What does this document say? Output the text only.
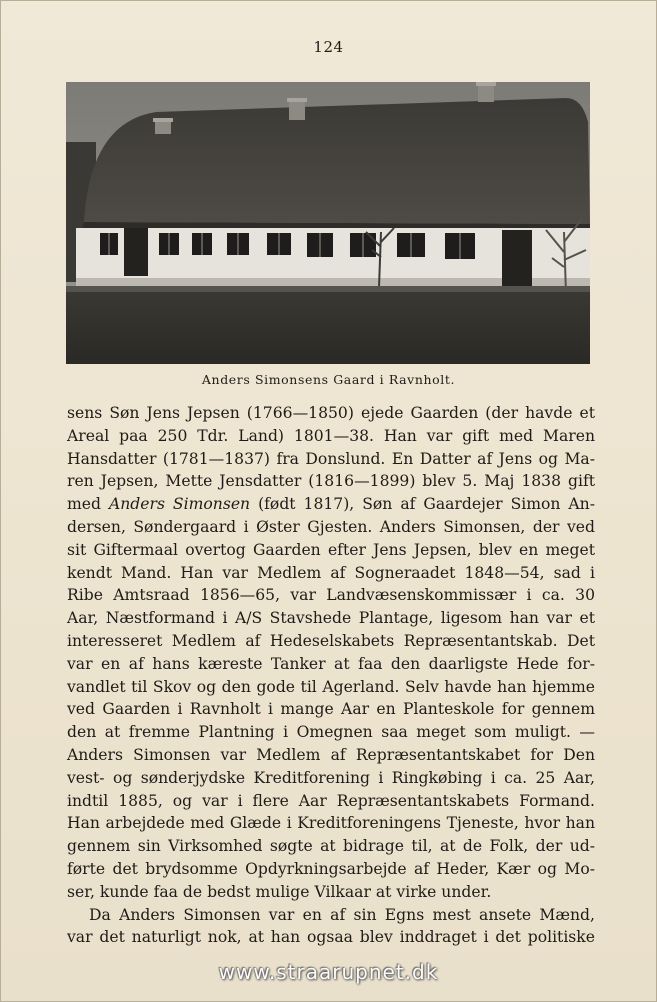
124
Anders Simonsens Gaard i Ravnholt.
sens Søn Jens Jepsen (1766—1850) ejede Gaarden (der havde et
Areal paa 250 Tdr. Land) 1801—38. Han var gift med Maren
Hansdatter (1781—1837) fra Donslund. En Datter af Jens og Ma-
ren Jepsen, Mette Jensdatter (1816—1899) blev 5. Maj 1838 gift
med Anders Simonsen (født 1817), Søn af Gaardejer Simon An-
dersen, Søndergaard i Øster Gjesten. Anders Simonsen, der ved
sit Giftermaal overtog Gaarden efter Jens Jepsen, blev en meget
kendt Mand. Han var Medlem af Sogneraadet 1848—54, sad i
Ribe Amtsraad 1856—65, var Landvæsenskommissær i ca. 30
Aar, Næstformand i A/S Stavshede Plantage, ligesom han var et
interesseret Medlem af Hedeselskabets Repræsentantskab. Det
var en af hans kæreste Tanker at faa den daarligste Hede for-
vandlet til Skov og den gode til Agerland. Selv havde han hjemme
ved Gaarden i Ravnholt i mange Aar en Planteskole for gennem
den at fremme Plantning i Omegnen saa meget som muligt. —
Anders Simonsen var Medlem af Repræsentantskabet for Den
vest- og sønderjydske Kreditforening i Ringkøbing i ca. 25 Aar,
indtil 1885, og var i flere Aar Repræsentantskabets Formand.
Han arbejdede med Glæde i Kreditforeningens Tjeneste, hvor han
gennem sin Virksomhed søgte at bidrage til, at de Folk, der ud-
førte det brydsomme Opdyrkningsarbejde af Heder, Kær og Mo-
ser, kunde faa de bedst mulige Vilkaar at virke under.
Da Anders Simonsen var en af sin Egns mest ansete Mænd,
var det naturligt nok, at han ogsaa blev inddraget i det politiske
www.straarupnet.dk
